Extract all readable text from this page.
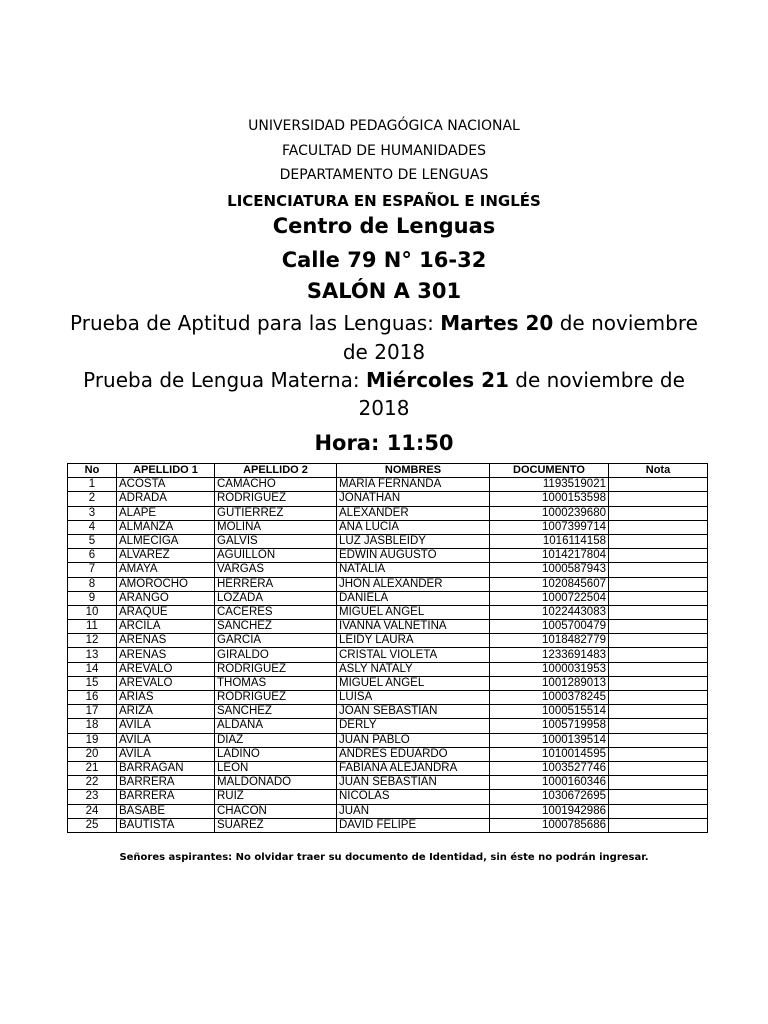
UNIVERSIDAD PEDAGÓGICA NACIONAL
FACULTAD DE HUMANIDADES
DEPARTAMENTO DE LENGUAS
LICENCIATURA EN ESPAÑOL E INGLÉS
Centro de Lenguas
Calle 79 N° 16-32
SALÓN A 301
Prueba de Aptitud para las Lenguas: Martes 20 de noviembre
de 2018
Prueba de Lengua Materna: Miércoles 21 de noviembre de
2018
Hora: 11:50
No	APELLIDO 1	APELLIDO 2	NOMBRES	DOCUMENTO	Nota
1	ACOSTA	CAMACHO	MARIA FERNANDA	1193519021	
2	ADRADA	RODRIGUEZ	JONATHAN	1000153598	
3	ALAPE	GUTIERREZ	ALEXANDER	1000239680	
4	ALMANZA	MOLINA	ANA LUCIA	1007399714	
5	ALMECIGA	GALVIS	LUZ JASBLEIDY	1016114158	
6	ALVAREZ	AGUILLON	EDWIN AUGUSTO	1014217804	
7	AMAYA	VARGAS	NATALIA	1000587943	
8	AMOROCHO	HERRERA	JHON ALEXANDER	1020845607	
9	ARANGO	LOZADA	DANIELA	1000722504	
10	ARAQUE	CACERES	MIGUEL ANGEL	1022443083	
11	ARCILA	SANCHEZ	IVANNA VALNETINA	1005700479	
12	ARENAS	GARCIA	LEIDY LAURA	1018482779	
13	ARENAS	GIRALDO	CRISTAL VIOLETA	1233691483	
14	AREVALO	RODRIGUEZ	ASLY NATALY	1000031953	
15	AREVALO	THOMAS	MIGUEL ANGEL	1001289013	
16	ARIAS	RODRIGUEZ	LUISA	1000378245	
17	ARIZA	SANCHEZ	JOAN SEBASTIAN	1000515514	
18	AVILA	ALDANA	DERLY	1005719958	
19	AVILA	DIAZ	JUAN PABLO	1000139514	
20	AVILA	LADINO	ANDRES EDUARDO	1010014595	
21	BARRAGAN	LEON	FABIANA ALEJANDRA	1003527746	
22	BARRERA	MALDONADO	JUAN SEBASTIAN	1000160346	
23	BARRERA	RUIZ	NICOLAS	1030672695	
24	BASABE	CHACON	JUAN	1001942986	
25	BAUTISTA	SUAREZ	DAVID FELIPE	1000785686	
Señores aspirantes: No olvidar traer su documento de Identidad, sin éste no podrán ingresar.
